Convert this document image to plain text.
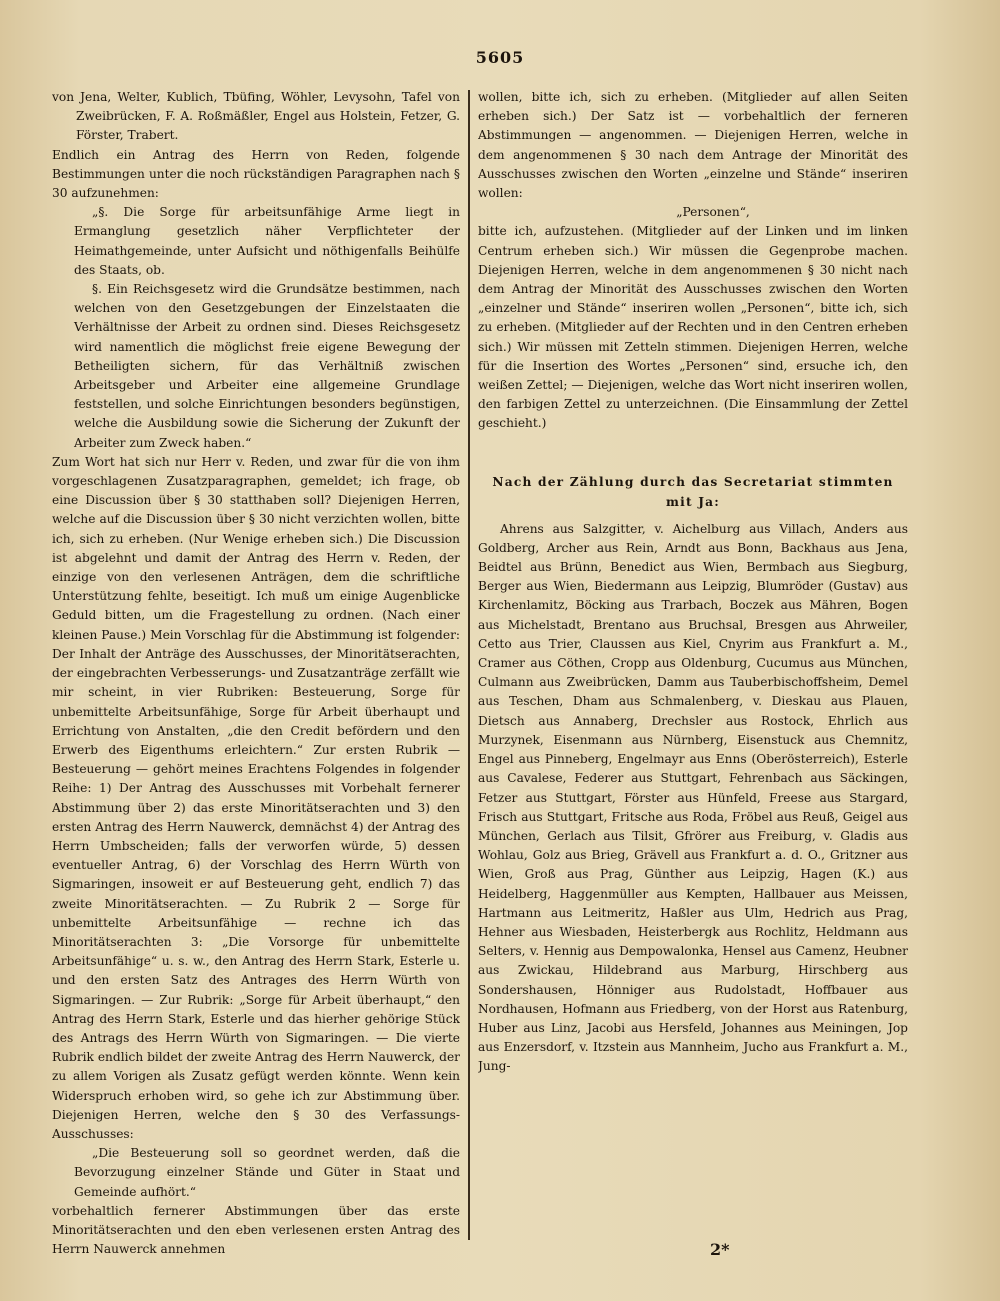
5605

von Jena, Welter, Kublich, Tbüfing, Wöhler, Levysohn, Tafel von Zweibrücken, F. A. Roßmäßler, Engel aus Holstein, Fetzer, G. Förster, Trabert.

Endlich ein Antrag des Herrn von Reden, folgende Bestimmungen unter die noch rückständigen Paragraphen nach § 30 aufzunehmen:

„§. Die Sorge für arbeitsunfähige Arme liegt in Ermanglung gesetzlich näher Verpflichteter der Heimathgemeinde, unter Aufsicht und nöthigenfalls Beihülfe des Staats, ob.

§. Ein Reichsgesetz wird die Grundsätze bestimmen, nach welchen von den Gesetzgebungen der Einzelstaaten die Verhältnisse der Arbeit zu ordnen sind. Dieses Reichsgesetz wird namentlich die möglichst freie eigene Bewegung der Betheiligten sichern, für das Verhältniß zwischen Arbeitsgeber und Arbeiter eine allgemeine Grundlage feststellen, und solche Einrichtungen besonders begünstigen, welche die Ausbildung sowie die Sicherung der Zukunft der Arbeiter zum Zweck haben.“

Zum Wort hat sich nur Herr v. Reden, und zwar für die von ihm vorgeschlagenen Zusatzparagraphen, gemeldet; ich frage, ob eine Discussion über § 30 statthaben soll? Diejenigen Herren, welche auf die Discussion über § 30 nicht verzichten wollen, bitte ich, sich zu erheben. (Nur Wenige erheben sich.) Die Discussion ist abgelehnt und damit der Antrag des Herrn v. Reden, der einzige von den verlesenen Anträgen, dem die schriftliche Unterstützung fehlte, beseitigt. Ich muß um einige Augenblicke Geduld bitten, um die Fragestellung zu ordnen. (Nach einer kleinen Pause.) Mein Vorschlag für die Abstimmung ist folgender: Der Inhalt der Anträge des Ausschusses, der Minoritätserachten, der eingebrachten Verbesserungs- und Zusatzanträge zerfällt wie mir scheint, in vier Rubriken: Besteuerung, Sorge für unbemittelte Arbeitsunfähige, Sorge für Arbeit überhaupt und Errichtung von Anstalten, „die den Credit befördern und den Erwerb des Eigenthums erleichtern.“ Zur ersten Rubrik — Besteuerung — gehört meines Erachtens Folgendes in folgender Reihe: 1) Der Antrag des Ausschusses mit Vorbehalt fernerer Abstimmung über 2) das erste Minoritätserachten und 3) den ersten Antrag des Herrn Nauwerck, demnächst 4) der Antrag des Herrn Umbscheiden; falls der verworfen würde, 5) dessen eventueller Antrag, 6) der Vorschlag des Herrn Würth von Sigmaringen, insoweit er auf Besteuerung geht, endlich 7) das zweite Minoritätserachten. — Zu Rubrik 2 — Sorge für unbemittelte Arbeitsunfähige — rechne ich das Minoritätserachten 3: „Die Vorsorge für unbemittelte Arbeitsunfähige“ u. s. w., den Antrag des Herrn Stark, Esterle u. und den ersten Satz des Antrages des Herrn Würth von Sigmaringen. — Zur Rubrik: „Sorge für Arbeit überhaupt,“ den Antrag des Herrn Stark, Esterle und das hierher gehörige Stück des Antrags des Herrn Würth von Sigmaringen. — Die vierte Rubrik endlich bildet der zweite Antrag des Herrn Nauwerck, der zu allem Vorigen als Zusatz gefügt werden könnte. Wenn kein Widerspruch erhoben wird, so gehe ich zur Abstimmung über. Diejenigen Herren, welche den § 30 des Verfassungs-Ausschusses:

„Die Besteuerung soll so geordnet werden, daß die Bevorzugung einzelner Stände und Güter in Staat und Gemeinde aufhört.“

vorbehaltlich fernerer Abstimmungen über das erste Minoritätserachten und den eben verlesenen ersten Antrag des Herrn Nauwerck annehmen

wollen, bitte ich, sich zu erheben. (Mitglieder auf allen Seiten erheben sich.) Der Satz ist — vorbehaltlich der ferneren Abstimmungen — angenommen. — Diejenigen Herren, welche in dem angenommenen § 30 nach dem Antrage der Minorität des Ausschusses zwischen den Worten „einzelne und Stände“ inseriren wollen:

„Personen“,

bitte ich, aufzustehen. (Mitglieder auf der Linken und im linken Centrum erheben sich.) Wir müssen die Gegenprobe machen. Diejenigen Herren, welche in dem angenommenen § 30 nicht nach dem Antrag der Minorität des Ausschusses zwischen den Worten „einzelner und Stände“ inseriren wollen „Personen“, bitte ich, sich zu erheben. (Mitglieder auf der Rechten und in den Centren erheben sich.) Wir müssen mit Zetteln stimmen. Diejenigen Herren, welche für die Insertion des Wortes „Personen“ sind, ersuche ich, den weißen Zettel; — Diejenigen, welche das Wort nicht inseriren wollen, den farbigen Zettel zu unterzeichnen. (Die Einsammlung der Zettel geschieht.)

Nach der Zählung durch das Secretariat stimmten mit Ja:

Ahrens aus Salzgitter, v. Aichelburg aus Villach, Anders aus Goldberg, Archer aus Rein, Arndt aus Bonn, Backhaus aus Jena, Beidtel aus Brünn, Benedict aus Wien, Bermbach aus Siegburg, Berger aus Wien, Biedermann aus Leipzig, Blumröder (Gustav) aus Kirchenlamitz, Böcking aus Trarbach, Boczek aus Mähren, Bogen aus Michelstadt, Brentano aus Bruchsal, Bresgen aus Ahrweiler, Cetto aus Trier, Claussen aus Kiel, Cnyrim aus Frankfurt a. M., Cramer aus Cöthen, Cropp aus Oldenburg, Cucumus aus München, Culmann aus Zweibrücken, Damm aus Tauberbischoffsheim, Demel aus Teschen, Dham aus Schmalenberg, v. Dieskau aus Plauen, Dietsch aus Annaberg, Drechsler aus Rostock, Ehrlich aus Murzynek, Eisenmann aus Nürnberg, Eisenstuck aus Chemnitz, Engel aus Pinneberg, Engelmayr aus Enns (Oberösterreich), Esterle aus Cavalese, Federer aus Stuttgart, Fehrenbach aus Säckingen, Fetzer aus Stuttgart, Förster aus Hünfeld, Freese aus Stargard, Frisch aus Stuttgart, Fritsche aus Roda, Fröbel aus Reuß, Geigel aus München, Gerlach aus Tilsit, Gfrörer aus Freiburg, v. Gladis aus Wohlau, Golz aus Brieg, Grävell aus Frankfurt a. d. O., Gritzner aus Wien, Groß aus Prag, Günther aus Leipzig, Hagen (K.) aus Heidelberg, Haggenmüller aus Kempten, Hallbauer aus Meissen, Hartmann aus Leitmeritz, Haßler aus Ulm, Hedrich aus Prag, Hehner aus Wiesbaden, Heisterbergk aus Rochlitz, Heldmann aus Selters, v. Hennig aus Dempowalonka, Hensel aus Camenz, Heubner aus Zwickau, Hildebrand aus Marburg, Hirschberg aus Sondershausen, Hönniger aus Rudolstadt, Hoffbauer aus Nordhausen, Hofmann aus Friedberg, von der Horst aus Ratenburg, Huber aus Linz, Jacobi aus Hersfeld, Johannes aus Meiningen, Jop aus Enzersdorf, v. Itzstein aus Mannheim, Jucho aus Frankfurt a. M., Jung-

2*
